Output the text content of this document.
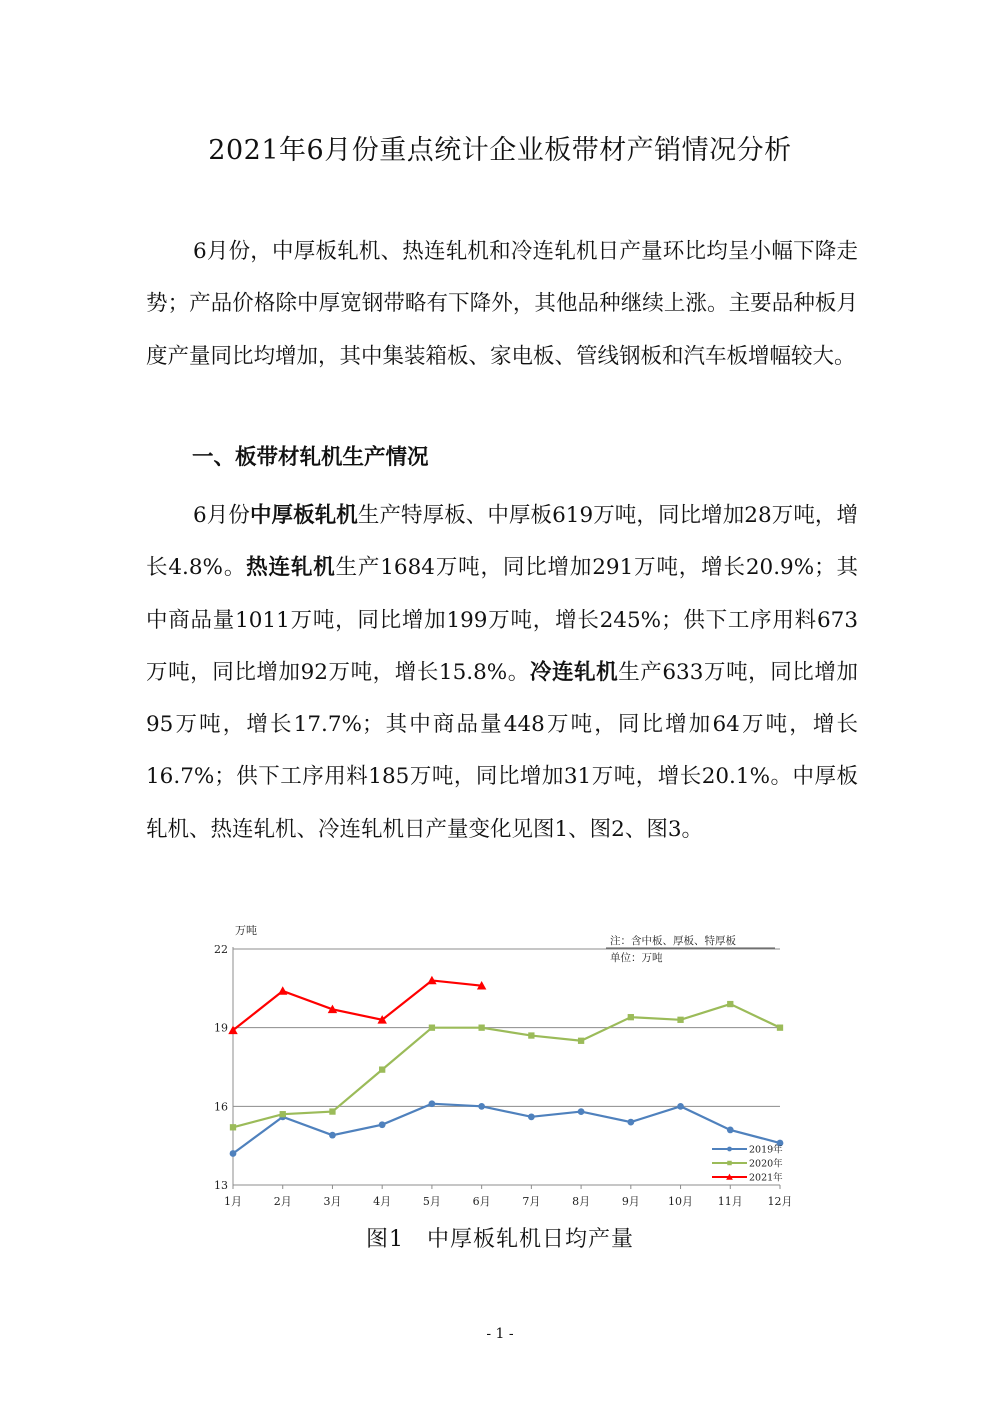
2021年6月份重点统计企业板带材产销情况分析

6月份，中厚板轧机、热连轧机和冷连轧机日产量环比均呈小幅下降走势；产品价格除中厚宽钢带略有下降外，其他品种继续上涨。主要品种板月度产量同比均增加，其中集装箱板、家电板、管线钢板和汽车板增幅较大。

一、板带材轧机生产情况

6月份中厚板轧机生产特厚板、中厚板619万吨，同比增加28万吨，增长4.8%。热连轧机生产1684万吨，同比增加291万吨，增长20.9%；其中商品量1011万吨，同比增加199万吨，增长245%；供下工序用料673万吨，同比增加92万吨，增长15.8%。冷连轧机生产633万吨，同比增加95万吨，增长17.7%；其中商品量448万吨，同比增加64万吨，增长16.7%；供下工序用料185万吨，同比增加31万吨，增长20.1%。中厚板轧机、热连轧机、冷连轧机日产量变化见图1、图2、图3。

13
16
19
22
1月	2月	3月	4月	5月	6月	7月	8月	9月	10月 11月 12月
万吨
注：含中板、厚板、特厚板
单位：万吨
2019年
2020年
2021年
图1　中厚板轧机日均产量
- 1 -
